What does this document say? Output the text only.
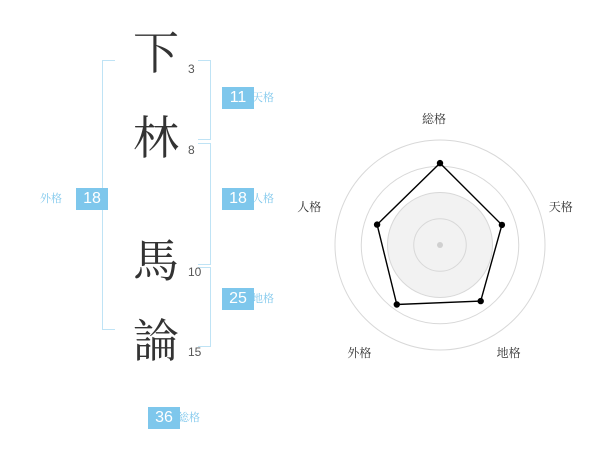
下
林
馬
論
3
8
10
15
11 天格
18 人格
25 地格
18
外格
36 総格
総格
天格
地格
外格
人格
